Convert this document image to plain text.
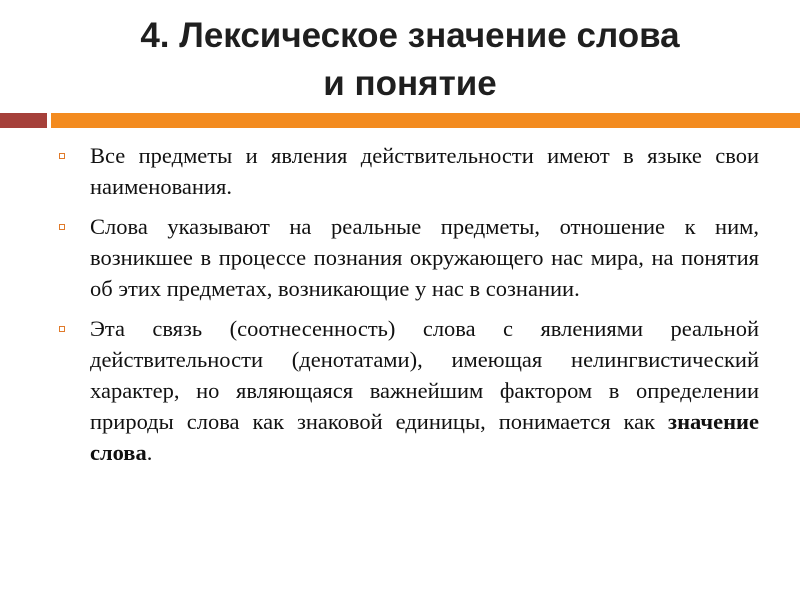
4. Лексическое значение слова
и понятие
Все предметы и явления действительности имеют в языке свои наименования.
Слова указывают на реальные предметы, отношение к ним, возникшее в процессе познания окружающего нас мира, на понятия об этих предметах, возникающие у нас в сознании.
Эта связь (соотнесенность) слова с явлениями реальной действительности (денотатами), имеющая нелингвистический характер, но являющаяся важнейшим фактором в определении природы слова как знаковой единицы, понимается как значение слова.
